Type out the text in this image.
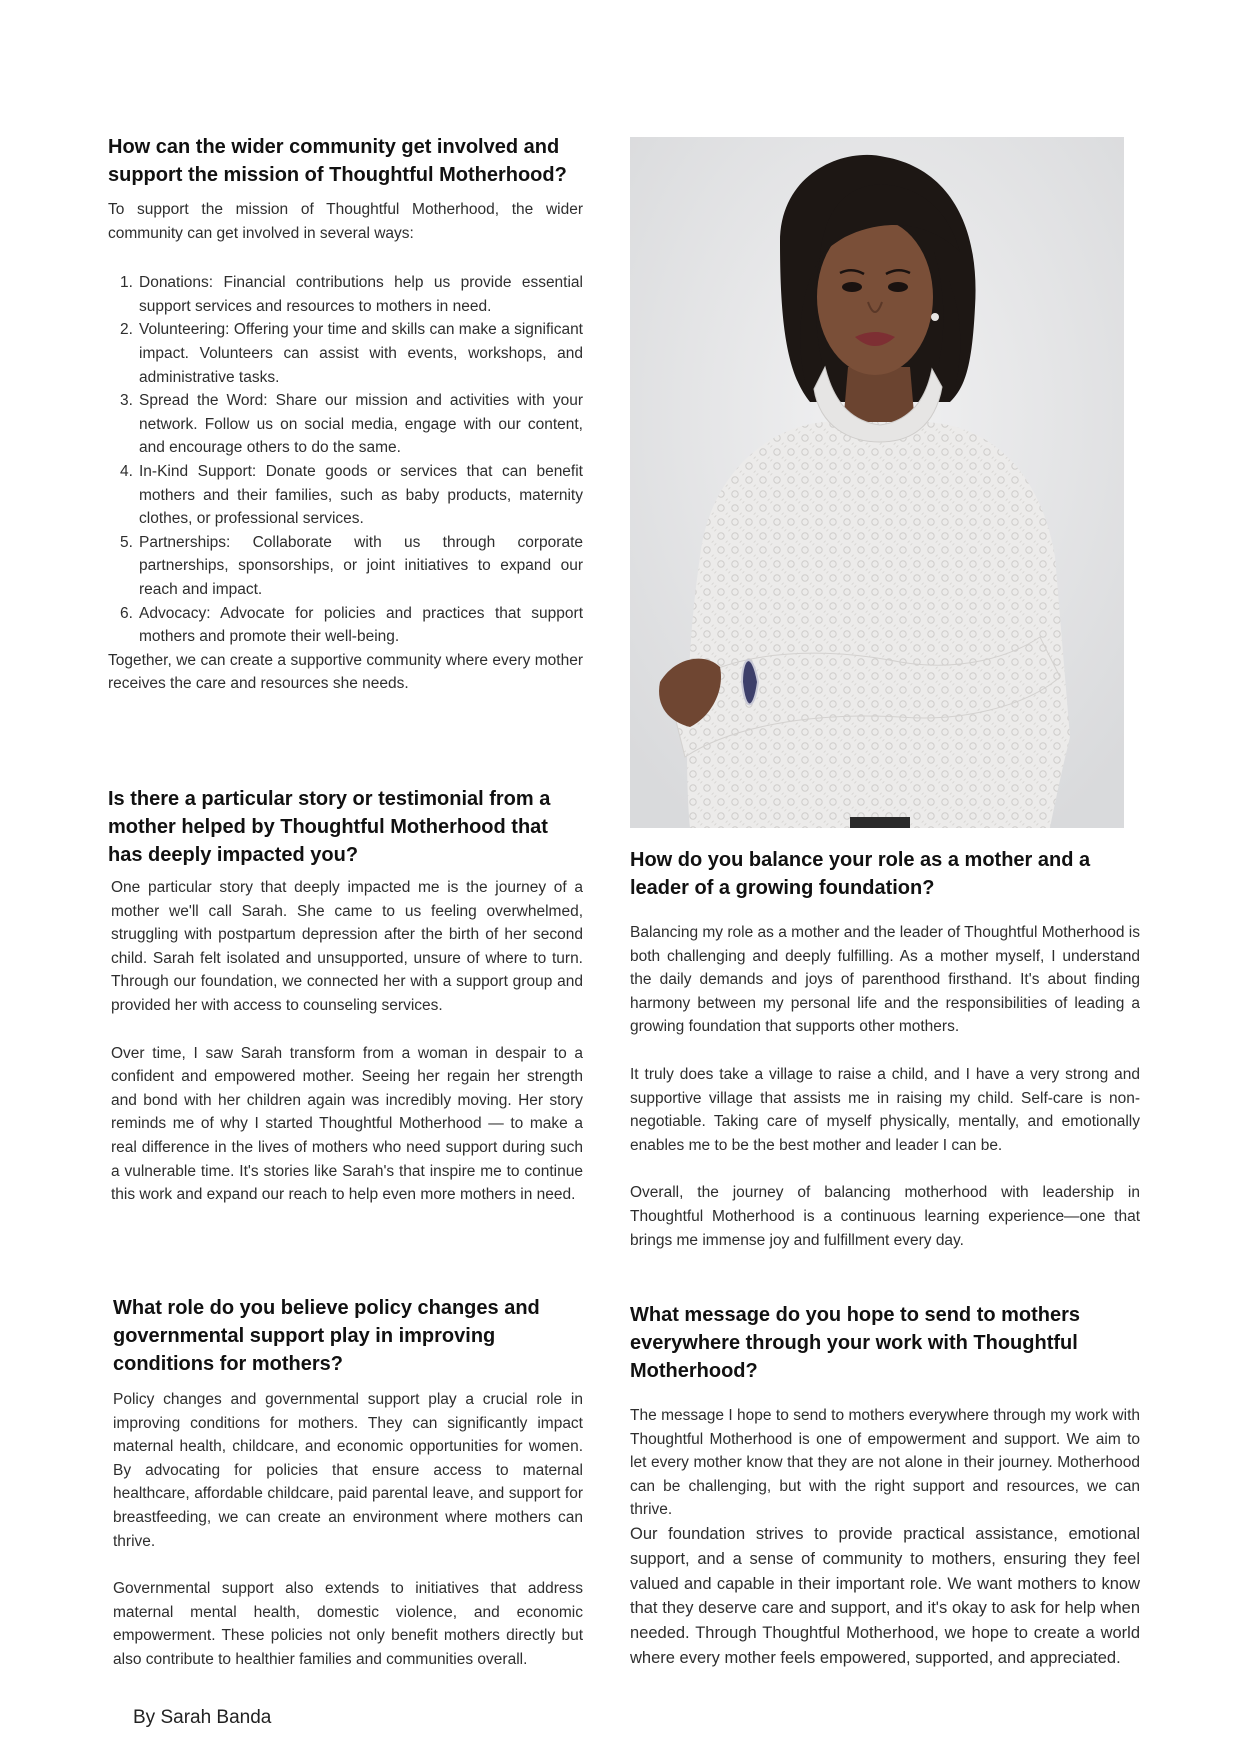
How can the wider community get involved and support the mission of Thoughtful Motherhood?

To support the mission of Thoughtful Motherhood, the wider community can get involved in several ways:

1. Donations: Financial contributions help us provide essential support services and resources to mothers in need.
2. Volunteering: Offering your time and skills can make a significant impact. Volunteers can assist with events, workshops, and administrative tasks.
3. Spread the Word: Share our mission and activities with your network. Follow us on social media, engage with our content, and encourage others to do the same.
4. In-Kind Support: Donate goods or services that can benefit mothers and their families, such as baby products, maternity clothes, or professional services.
5. Partnerships: Collaborate with us through corporate partnerships, sponsorships, or joint initiatives to expand our reach and impact.
6. Advocacy: Advocate for policies and practices that support mothers and promote their well-being.

Together, we can create a supportive community where every mother receives the care and resources she needs.

Is there a particular story or testimonial from a mother helped by Thoughtful Motherhood that has deeply impacted you?

One particular story that deeply impacted me is the journey of a mother we'll call Sarah. She came to us feeling overwhelmed, struggling with postpartum depression after the birth of her second child. Sarah felt isolated and unsupported, unsure of where to turn. Through our foundation, we connected her with a support group and provided her with access to counseling services.

Over time, I saw Sarah transform from a woman in despair to a confident and empowered mother. Seeing her regain her strength and bond with her children again was incredibly moving. Her story reminds me of why I started Thoughtful Motherhood — to make a real difference in the lives of mothers who need support during such a vulnerable time. It's stories like Sarah's that inspire me to continue this work and expand our reach to help even more mothers in need.

What role do you believe policy changes and governmental support play in improving conditions for mothers?

Policy changes and governmental support play a crucial role in improving conditions for mothers. They can significantly impact maternal health, childcare, and economic opportunities for women. By advocating for policies that ensure access to maternal healthcare, affordable childcare, paid parental leave, and support for breastfeeding, we can create an environment where mothers can thrive.

Governmental support also extends to initiatives that address maternal mental health, domestic violence, and economic empowerment. These policies not only benefit mothers directly but also contribute to healthier families and communities overall.

How do you balance your role as a mother and a leader of a growing foundation?

Balancing my role as a mother and the leader of Thoughtful Motherhood is both challenging and deeply fulfilling. As a mother myself, I understand the daily demands and joys of parenthood firsthand. It's about finding harmony between my personal life and the responsibilities of leading a growing foundation that supports other mothers.

It truly does take a village to raise a child, and I have a very strong and supportive village that assists me in raising my child. Self-care is non-negotiable. Taking care of myself physically, mentally, and emotionally enables me to be the best mother and leader I can be.

Overall, the journey of balancing motherhood with leadership in Thoughtful Motherhood is a continuous learning experience—one that brings me immense joy and fulfillment every day.

What message do you hope to send to mothers everywhere through your work with Thoughtful Motherhood?

The message I hope to send to mothers everywhere through my work with Thoughtful Motherhood is one of empowerment and support. We aim to let every mother know that they are not alone in their journey. Motherhood can be challenging, but with the right support and resources, we can thrive.

Our foundation strives to provide practical assistance, emotional support, and a sense of community to mothers, ensuring they feel valued and capable in their important role. We want mothers to know that they deserve care and support, and it's okay to ask for help when needed. Through Thoughtful Motherhood, we hope to create a world where every mother feels empowered, supported, and appreciated.

By Sarah Banda
